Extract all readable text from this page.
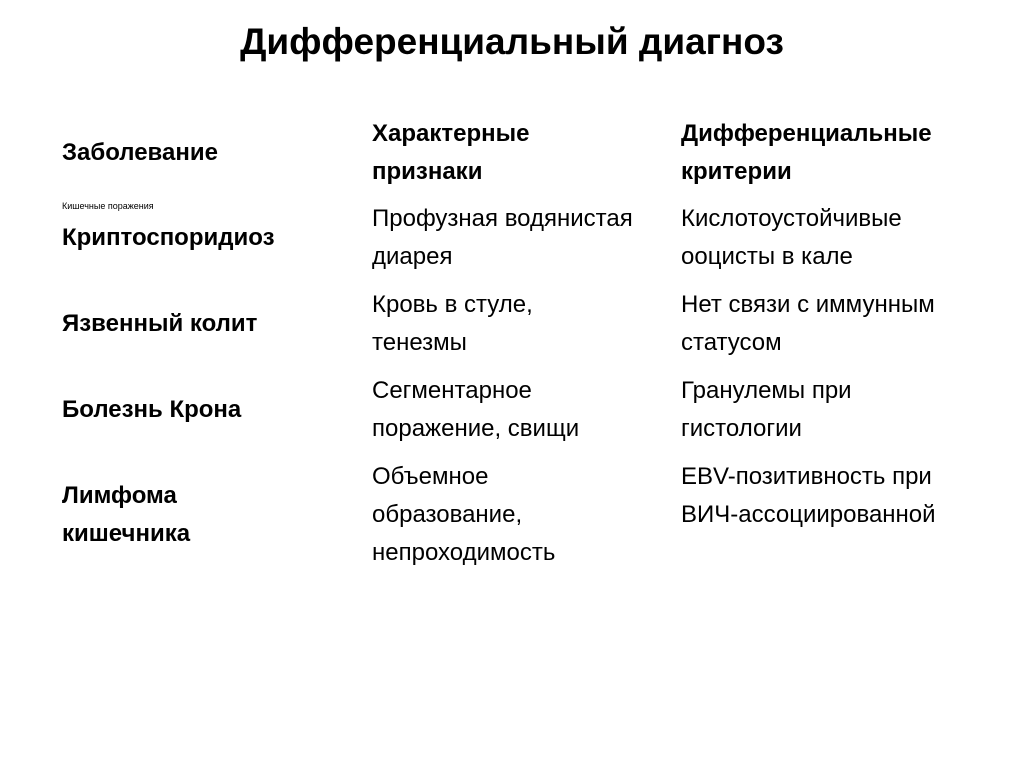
Дифференциальный диагноз
Заболевание
Характерные признаки
Дифференциальные критерии
Кишечные поражения
Криптоспоридиоз
Профузная водянистая диарея
Кислотоустойчивые ооцисты в кале
Язвенный колит
Кровь в стуле, тенезмы
Нет связи с иммунным статусом
Болезнь Крона
Сегментарное поражение, свищи
Гранулемы при гистологии
Лимфома кишечника
Объемное образование, непроходимость
EBV-позитивность при ВИЧ-ассоциированной
